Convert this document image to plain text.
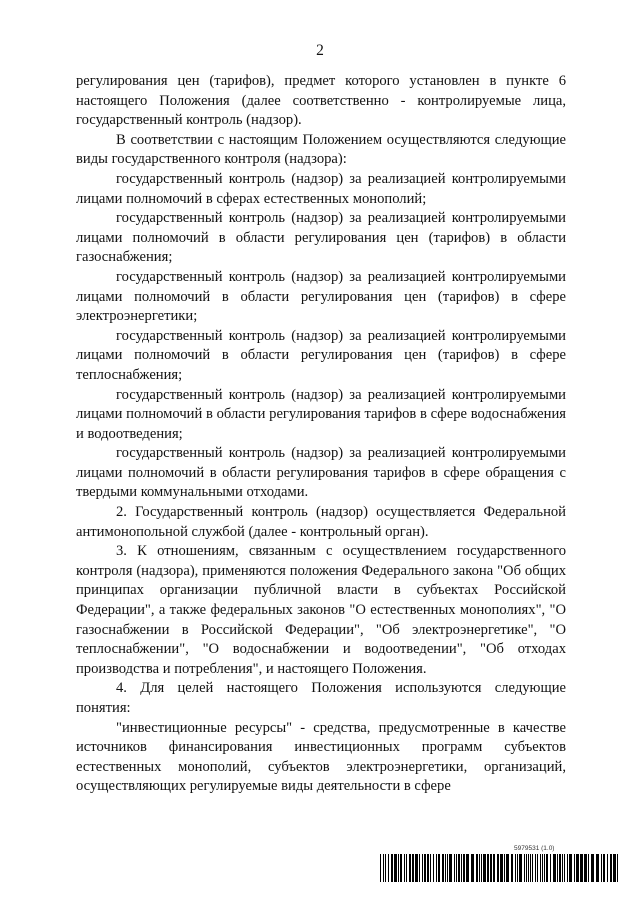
2

регулирования цен (тарифов), предмет которого установлен в пункте 6 настоящего Положения (далее соответственно - контролируемые лица, государственный контроль (надзор).

В соответствии с настоящим Положением осуществляются следующие виды государственного контроля (надзора):

государственный контроль (надзор) за реализацией контролируемыми лицами полномочий в сферах естественных монополий;

государственный контроль (надзор) за реализацией контролируемыми лицами полномочий в области регулирования цен (тарифов) в области газоснабжения;

государственный контроль (надзор) за реализацией контролируемыми лицами полномочий в области регулирования цен (тарифов) в сфере электроэнергетики;

государственный контроль (надзор) за реализацией контролируемыми лицами полномочий в области регулирования цен (тарифов) в сфере теплоснабжения;

государственный контроль (надзор) за реализацией контролируемыми лицами полномочий в области регулирования тарифов в сфере водоснабжения и водоотведения;

государственный контроль (надзор) за реализацией контролируемыми лицами полномочий в области регулирования тарифов в сфере обращения с твердыми коммунальными отходами.

2. Государственный контроль (надзор) осуществляется Федеральной антимонопольной службой (далее - контрольный орган).

3. К отношениям, связанным с осуществлением государственного контроля (надзора), применяются положения Федерального закона "Об общих принципах организации публичной власти в субъектах Российской Федерации", а также федеральных законов "О естественных монополиях", "О газоснабжении в Российской Федерации", "Об электроэнергетике", "О теплоснабжении", "О водоснабжении и водоотведении", "Об отходах производства и потребления", и настоящего Положения.

4. Для целей настоящего Положения используются следующие понятия:

"инвестиционные ресурсы" - средства, предусмотренные в качестве источников финансирования инвестиционных программ субъектов естественных монополий, субъектов электроэнергетики, организаций, осуществляющих регулируемые виды деятельности в сфере

5979531 (1.0)
